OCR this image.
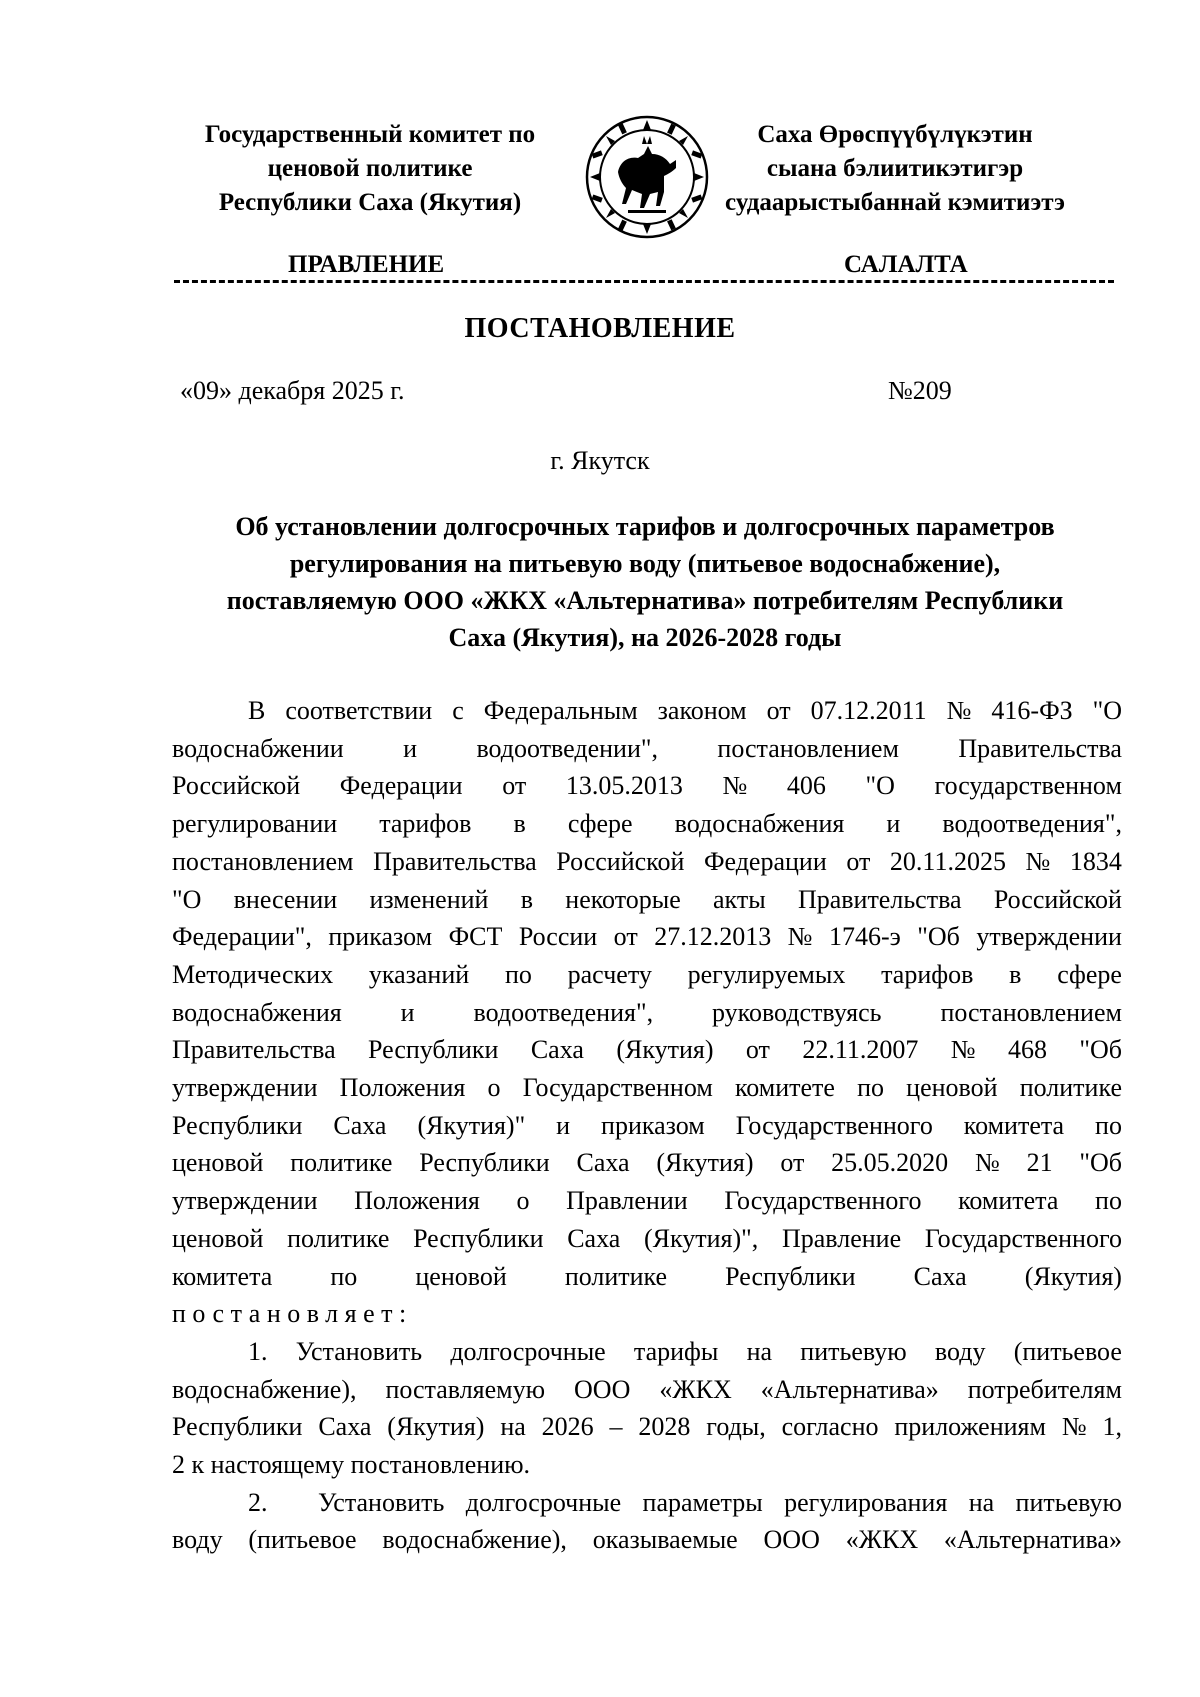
Государственный комитет по
ценовой политике
Республики Саха (Якутия)
Саха Өрөспүүбүлүкэтин
сыана бэлиитикэтигэр
судаарыстыбаннай кэмитиэтэ
ПРАВЛЕНИЕ	САЛАЛТА
ПОСТАНОВЛЕНИЕ
«09» декабря 2025 г.	№209
г. Якутск
Об установлении долгосрочных тарифов и долгосрочных параметров
регулирования на питьевую воду (питьевое водоснабжение),
поставляемую ООО «ЖКХ «Альтернатива» потребителям Республики
Саха (Якутия), на 2026-2028 годы
В соответствии с Федеральным законом от 07.12.2011 № 416-ФЗ "О
водоснабжении и водоотведении", постановлением Правительства
Российской Федерации от 13.05.2013 № 406 "О государственном
регулировании тарифов в сфере водоснабжения и водоотведения",
постановлением Правительства Российской Федерации от 20.11.2025 № 1834
"О внесении изменений в некоторые акты Правительства Российской
Федерации", приказом ФСТ России от 27.12.2013 № 1746-э "Об утверждении
Методических указаний по расчету регулируемых тарифов в сфере
водоснабжения и водоотведения", руководствуясь постановлением
Правительства Республики Саха (Якутия) от 22.11.2007 № 468 "Об
утверждении Положения о Государственном комитете по ценовой политике
Республики Саха (Якутия)" и приказом Государственного комитета по
ценовой политике Республики Саха (Якутия) от 25.05.2020 № 21 "Об
утверждении Положения о Правлении Государственного комитета по
ценовой политике Республики Саха (Якутия)", Правление Государственного
комитета по ценовой политике Республики Саха (Якутия)
постановляет:
1. Установить долгосрочные тарифы на питьевую воду (питьевое
водоснабжение), поставляемую ООО «ЖКХ «Альтернатива» потребителям
Республики Саха (Якутия) на 2026 – 2028 годы, согласно приложениям № 1,
2 к настоящему постановлению.
2.	Установить долгосрочные параметры регулирования на питьевую
воду (питьевое водоснабжение), оказываемые ООО «ЖКХ «Альтернатива»
